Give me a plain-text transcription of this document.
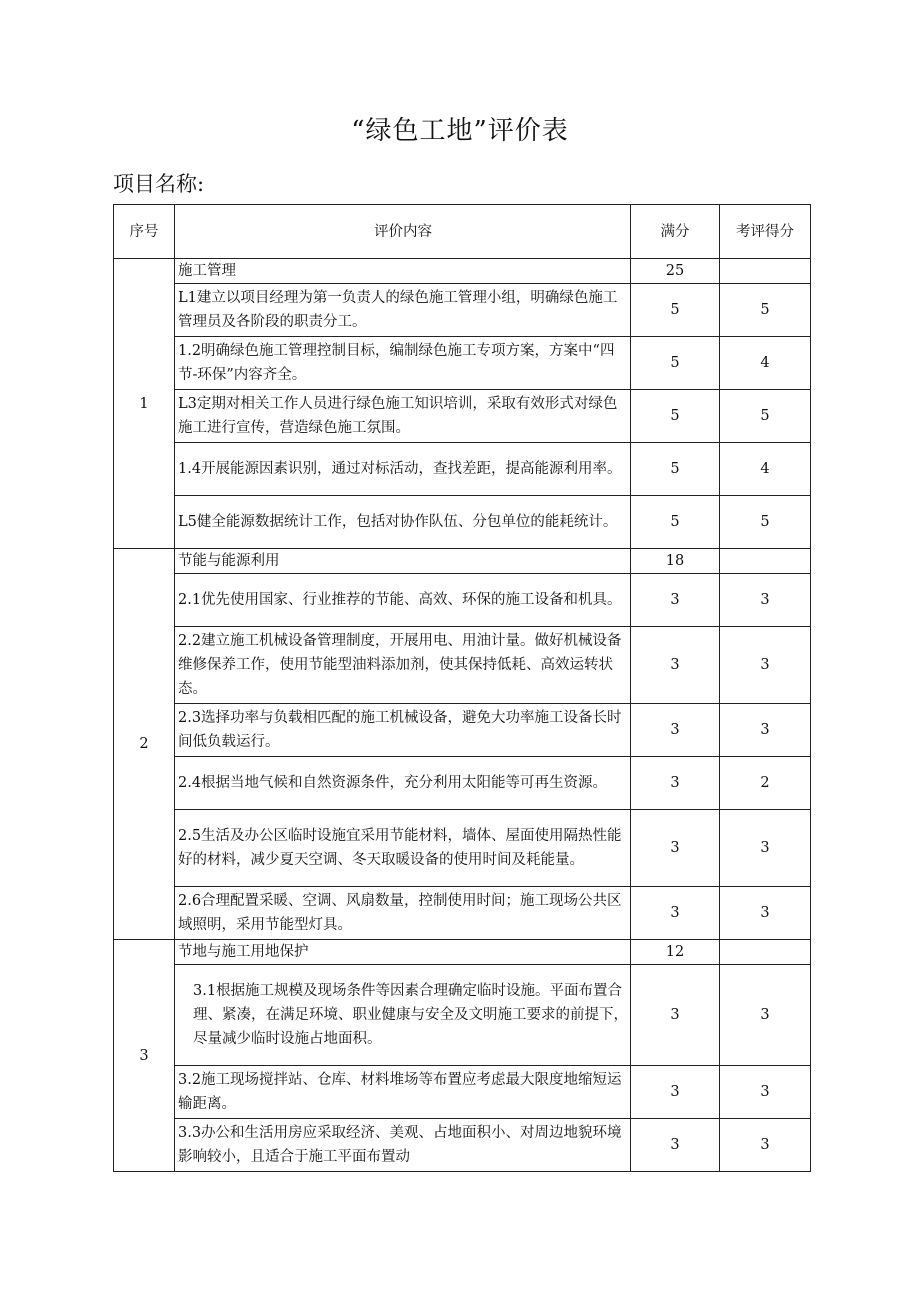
“绿色工地”评价表
项目名称:
序号	评价内容	满分	考评得分
1	施工管理	25	
	L1建立以项目经理为第一负责人的绿色施工管理小组，明确绿色施工管理员及各阶段的职责分工。	5	5
	1.2明确绿色施工管理控制目标，编制绿色施工专项方案，方案中“四节-环保”内容齐全。	5	4
	L3定期对相关工作人员进行绿色施工知识培训，采取有效形式对绿色施工进行宣传，营造绿色施工氛围。	5	5
	1.4开展能源因素识别，通过对标活动，查找差距，提高能源利用率。	5	4
	L5健全能源数据统计工作，包括对协作队伍、分包单位的能耗统计。	5	5
2	节能与能源利用	18	
	2.1优先使用国家、行业推荐的节能、高效、环保的施工设备和机具。	3	3
	2.2建立施工机械设备管理制度，开展用电、用油计量。做好机械设备维修保养工作，使用节能型油料添加剂，使其保持低耗、高效运转状态。	3	3
	2.3选择功率与负载相匹配的施工机械设备，避免大功率施工设备长时间低负载运行。	3	3
	2.4根据当地气候和自然资源条件，充分利用太阳能等可再生资源。	3	2
	2.5生活及办公区临时设施宜采用节能材料，墙体、屋面使用隔热性能好的材料，减少夏天空调、冬天取暖设备的使用时间及耗能量。	3	3
	2.6合理配置采暖、空调、风扇数量，控制使用时间；施工现场公共区域照明，采用节能型灯具。	3	3
3	节地与施工用地保护	12	
	3.1根据施工规模及现场条件等因素合理确定临时设施。平面布置合理、紧凑，在满足环境、职业健康与安全及文明施工要求的前提下，尽量减少临时设施占地面积。	3	3
	3.2施工现场搅拌站、仓库、材料堆场等布置应考虑最大限度地缩短运输距离。	3	3
	3.3办公和生活用房应采取经济、美观、占地面积小、对周边地貌环境影响较小，且适合于施工平面布置动	3	3
